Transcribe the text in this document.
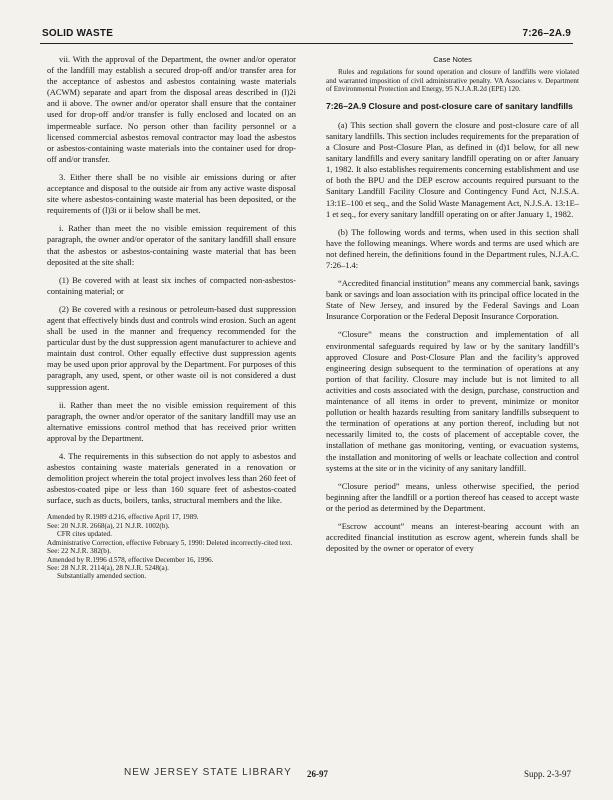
SOLID WASTE	7:26–2A.9

vii. With the approval of the Department, the owner and/or operator of the landfill may establish a secured drop-off and/or transfer area for the acceptance of asbestos and asbestos containing waste materials (ACWM) separate and apart from the disposal areas described in (l)2i and ii above. The owner and/or operator shall ensure that the container used for drop-off and/or transfer is fully enclosed and located on an impermeable surface. No person other than facility personnel or a licensed commercial asbestos removal contractor may load the asbestos or asbestos-containing waste materials into the container used for drop-off and/or transfer.

3. Either there shall be no visible air emissions during or after acceptance and disposal to the outside air from any active waste disposal site where asbestos-containing waste material has been deposited, or the requirements of (l)3i or ii below shall be met.

i. Rather than meet the no visible emission requirement of this paragraph, the owner and/or operator of the sanitary landfill shall ensure that the asbestos or asbestos-containing waste material that has been deposited at the site shall:

(1) Be covered with at least six inches of compacted non-asbestos-containing material; or

(2) Be covered with a resinous or petroleum-based dust suppression agent that effectively binds dust and controls wind erosion. Such an agent shall be used in the manner and frequency recommended for the particular dust by the dust suppression agent manufacturer to achieve and maintain dust control. Other equally effective dust suppression agents may be used upon prior approval by the Department. For purposes of this paragraph, any used, spent, or other waste oil is not considered a dust suppression agent.

ii. Rather than meet the no visible emission requirement of this paragraph, the owner and/or operator of the sanitary landfill may use an alternative emissions control method that has received prior written approval by the Department.

4. The requirements in this subsection do not apply to asbestos and asbestos containing waste materials generated in a renovation or demolition project wherein the total project involves less than 260 feet of asbestos-coated pipe or less than 160 square feet of asbestos-coated surface, such as ducts, boilers, tanks, structural members and the like.

Amended by R.1989 d.216, effective April 17, 1989.
See: 20 N.J.R. 2668(a), 21 N.J.R. 1002(b).
CFR cites updated.
Administrative Correction, effective February 5, 1990: Deleted incorrectly-cited text.
See: 22 N.J.R. 382(b).
Amended by R.1996 d.578, effective December 16, 1996.
See: 28 N.J.R. 2114(a), 28 N.J.R. 5248(a).
Substantially amended section.
Case Notes

Rules and regulations for sound operation and closure of landfills were violated and warranted imposition of civil administrative penalty. VA Associates v. Department of Environmental Protection and Energy, 95 N.J.A.R.2d (EPE) 120.

7:26–2A.9 Closure and post-closure care of sanitary landfills

(a) This section shall govern the closure and post-closure care of all sanitary landfills. This section includes requirements for the preparation of a Closure and Post-Closure Plan, as defined in (d)1 below, for all new sanitary landfills and every sanitary landfill operating on or after January 1, 1982. It also establishes requirements concerning establishment and use of both the BPU and the DEP escrow accounts required pursuant to the Sanitary Landfill Facility Closure and Contingency Fund Act, N.J.S.A. 13:1E–100 et seq., and the Solid Waste Management Act, N.J.S.A. 13:1E–1 et seq., for every sanitary landfill operating on or after January 1, 1982.

(b) The following words and terms, when used in this section shall have the following meanings. Where words and terms are used which are not defined herein, the definitions found in the Department rules, N.J.A.C. 7:26–1.4:

“Accredited financial institution” means any commercial bank, savings bank or savings and loan association with its principal office located in the State of New Jersey, and insured by the Federal Savings and Loan Insurance Corporation or the Federal Deposit Insurance Corporation.

“Closure” means the construction and implementation of all environmental safeguards required by law or by the sanitary landfill’s approved Closure and Post-Closure Plan and the facility’s approved engineering design subsequent to the termination of operations at any portion of that facility. Closure may include but is not limited to all activities and costs associated with the design, purchase, construction and maintenance of all items in order to prevent, minimize or monitor pollution or health hazards resulting from sanitary landfills subsequent to the termination of operations at any portion thereof, including but not necessarily limited to, the costs of placement of acceptable cover, the installation of methane gas monitoring, venting, or evacuation systems, the installation and monitoring of wells or leachate collection and control systems at the site or in the vicinity of any sanitary landfill.

“Closure period” means, unless otherwise specified, the period beginning after the landfill or a portion thereof has ceased to accept waste or the period as determined by the Department.

“Escrow account” means an interest-bearing account with an accredited financial institution as escrow agent, wherein funds shall be deposited by the owner or operator of every

NEW JERSEY STATE LIBRARY 26-97	Supp. 2-3-97
